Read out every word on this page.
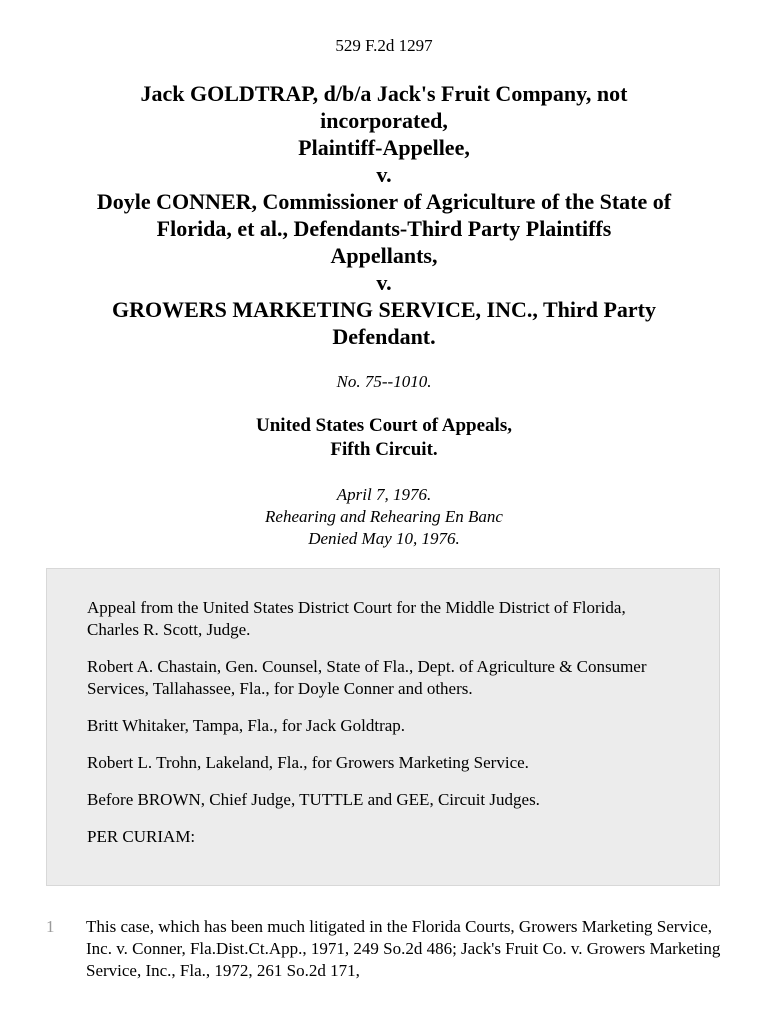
529 F.2d 1297
Jack GOLDTRAP, d/b/a Jack's Fruit Company, not
incorporated,
Plaintiff-Appellee,
v.
Doyle CONNER, Commissioner of Agriculture of the State of
Florida, et al., Defendants-Third Party Plaintiffs
Appellants,
v.
GROWERS MARKETING SERVICE, INC., Third Party
Defendant.
No. 75--1010.
United States Court of Appeals,
Fifth Circuit.
April 7, 1976.
Rehearing and Rehearing En Banc
Denied May 10, 1976.

Appeal from the United States District Court for the Middle District of Florida, Charles R. Scott, Judge.

Robert A. Chastain, Gen. Counsel, State of Fla., Dept. of Agriculture & Consumer Services, Tallahassee, Fla., for Doyle Conner and others.

Britt Whitaker, Tampa, Fla., for Jack Goldtrap.

Robert L. Trohn, Lakeland, Fla., for Growers Marketing Service.

Before BROWN, Chief Judge, TUTTLE and GEE, Circuit Judges.

PER CURIAM:

1 This case, which has been much litigated in the Florida Courts, Growers Marketing Service, Inc. v. Conner, Fla.Dist.Ct.App., 1971, 249 So.2d 486; Jack's Fruit Co. v. Growers Marketing Service, Inc., Fla., 1972, 261 So.2d 171,
